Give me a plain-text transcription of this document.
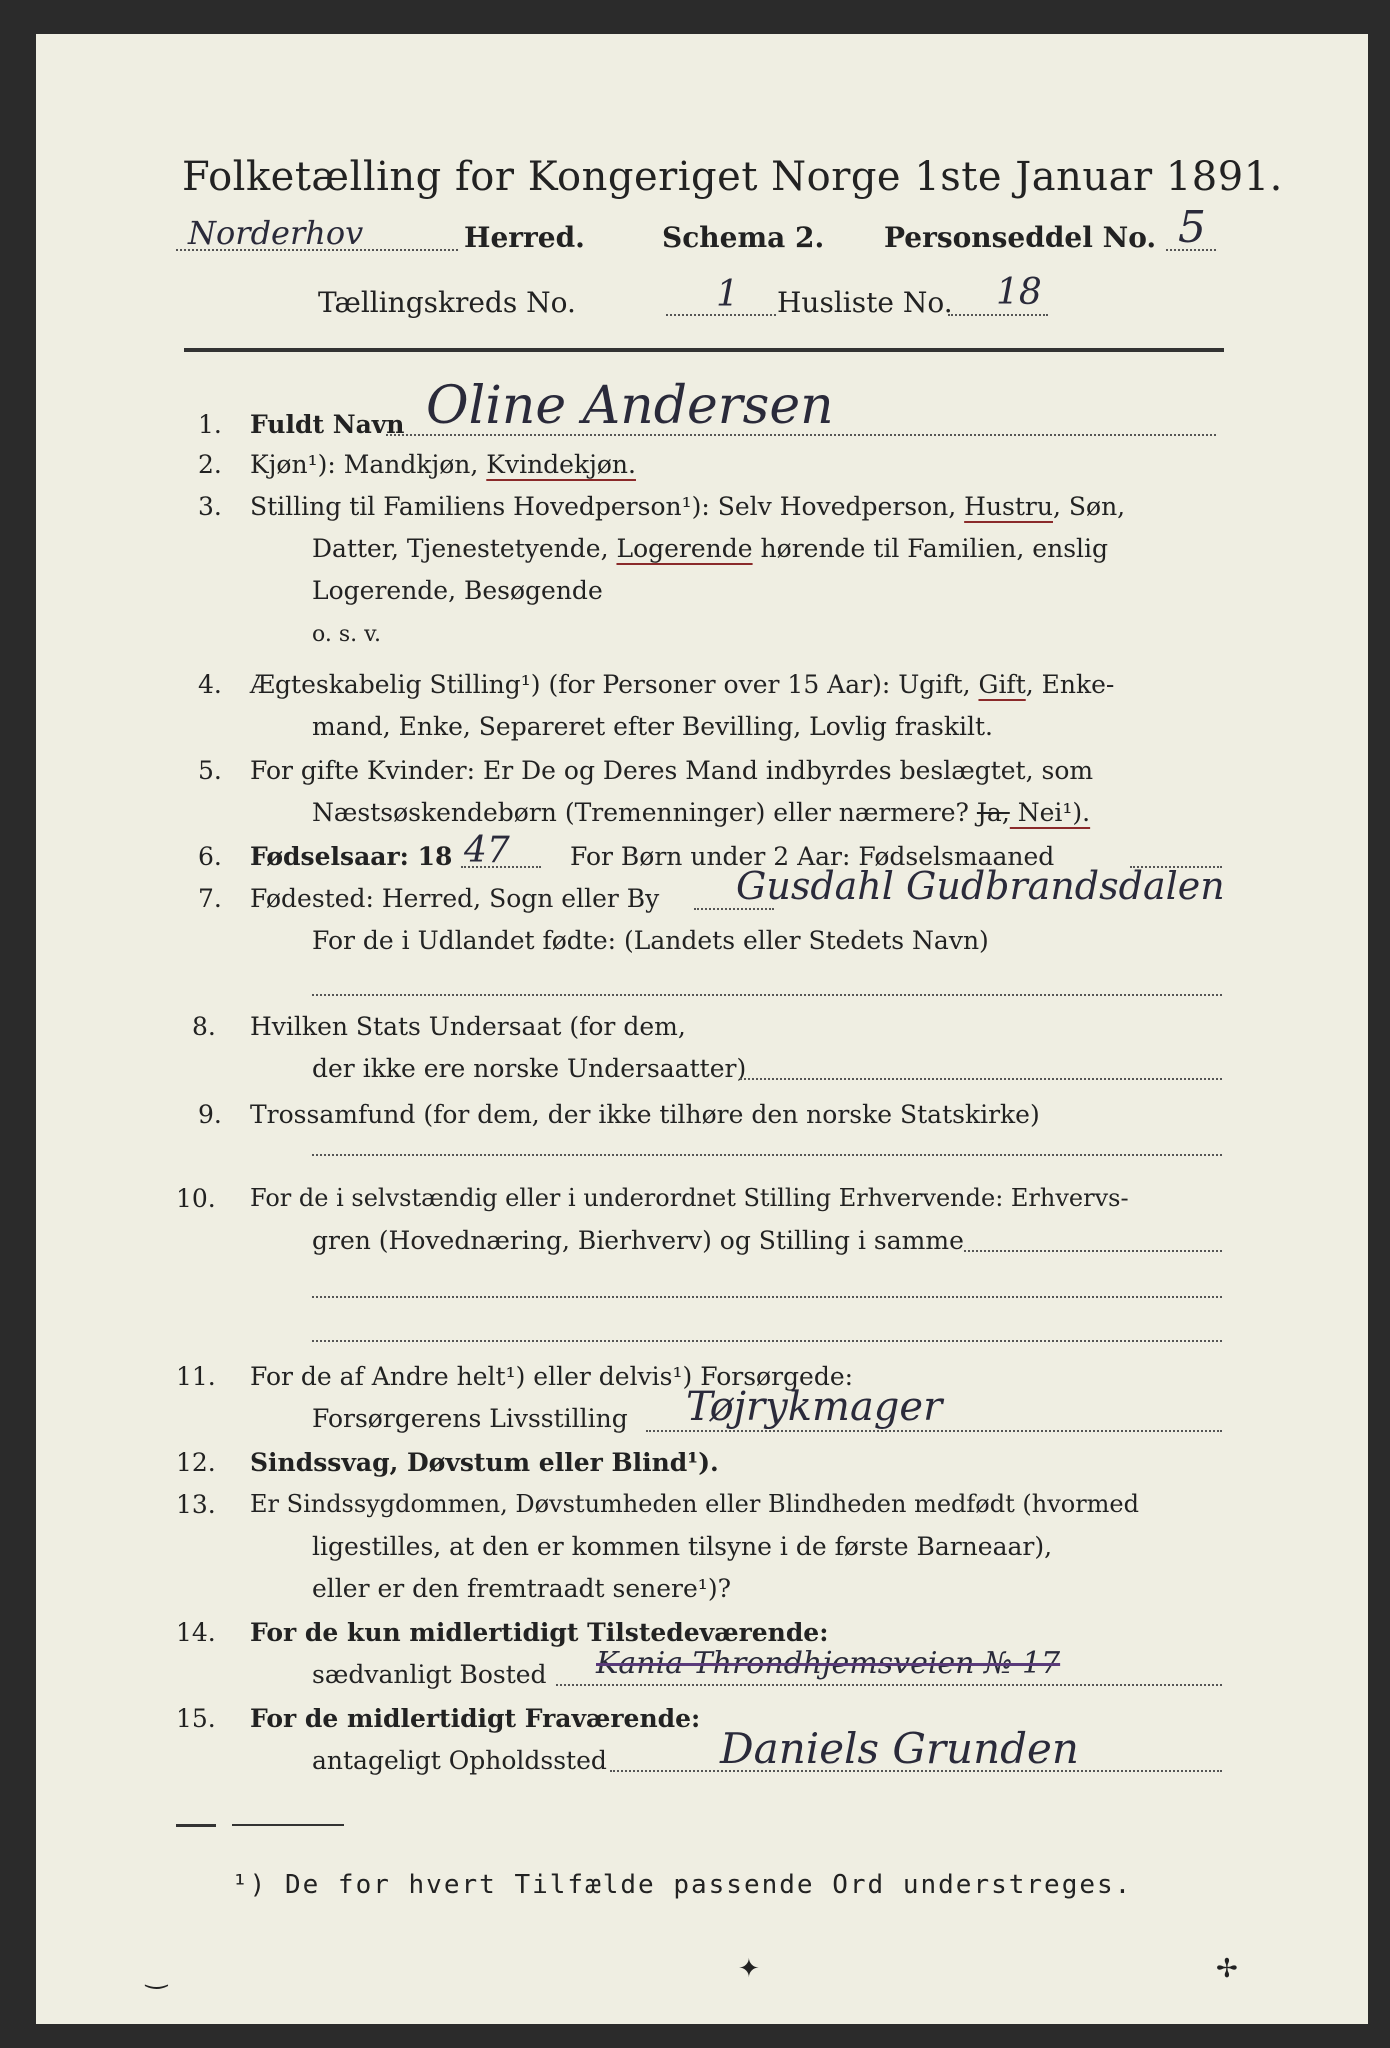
Folketælling for Kongeriget Norge 1ste Januar 1891.
Norderhov	Herred.	Schema 2. Personseddel No. 5
Tællingskreds No.	1 Husliste No. 18
1. Fuldt Navn Oline Andersen
2. Kjøn¹): Mandkjøn, Kvindekjøn.
3. Stilling til Familiens Hovedperson¹): Selv Hovedperson, Hustru, Søn,
Datter, Tjenestetyende, Logerende hørende til Familien, enslig
Logerende, Besøgende
o. s. v.
4. Ægteskabelig Stilling¹) (for Personer over 15 Aar): Ugift, Gift, Enke-
mand, Enke, Separeret efter Bevilling, Lovlig fraskilt.
5. For gifte Kvinder: Er De og Deres Mand indbyrdes beslægtet, som
Næstsøskendebørn (Tremenninger) eller nærmere? Ja, Nei¹).
6. Fødselsaar: 18 47 For Børn under 2 Aar: Fødselsmaaned
7. Fødested: Herred, Sogn eller By Gusdahl Gudbrandsdalen
For de i Udlandet fødte: (Landets eller Stedets Navn)
8. Hvilken Stats Undersaat (for dem,
der ikke ere norske Undersaatter)
9. Trossamfund (for dem, der ikke tilhøre den norske Statskirke)
10. For de i selvstændig eller i underordnet Stilling Erhvervende: Erhvervs-
gren (Hovednæring, Bierhverv) og Stilling i samme
11. For de af Andre helt¹) eller delvis¹) Forsørgede:
Forsørgerens Livsstilling Tøjrykmager
12. Sindssvag, Døvstum eller Blind¹).
13. Er Sindssygdommen, Døvstumheden eller Blindheden medfødt (hvormed
ligestilles, at den er kommen tilsyne i de første Barneaar),
eller er den fremtraadt senere¹)?
14. For de kun midlertidigt Tilstedeværende:
sædvanligt Bosted Kania Throndhjemsveien № 17
15. For de midlertidigt Fraværende:
antageligt Opholdssted	Daniels Grunden
¹) De for hvert Tilfælde passende Ord understreges.
‿	✦	✢
